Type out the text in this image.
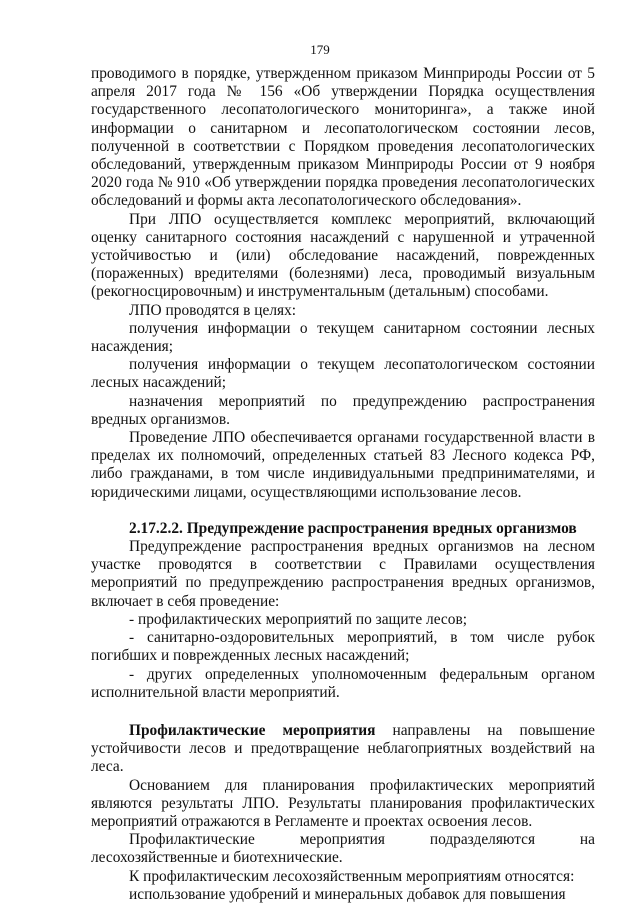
179

проводимого в порядке, утвержденном приказом Минприроды России от 5 апреля 2017 года № 156 «Об утверждении Порядка осуществления государственного лесопатологического мониторинга», а также иной информации о санитарном и лесопатологическом состоянии лесов, полученной в соответствии с Порядком проведения лесопатологических обследований, утвержденным приказом Минприроды России от 9 ноября 2020 года № 910 «Об утверждении порядка проведения лесопатологических обследований и формы акта лесопатологического обследования».

При ЛПО осуществляется комплекс мероприятий, включающий оценку санитарного состояния насаждений с нарушенной и утраченной устойчивостью и (или) обследование насаждений, поврежденных (пораженных) вредителями (болезнями) леса, проводимый визуальным (рекогносцировочным) и инструментальным (детальным) способами.

ЛПО проводятся в целях:

получения информации о текущем санитарном состоянии лесных насаждения;

получения информации о текущем лесопатологическом состоянии лесных насаждений;

назначения мероприятий по предупреждению распространения вредных организмов.

Проведение ЛПО обеспечивается органами государственной власти в пределах их полномочий, определенных статьей 83 Лесного кодекса РФ, либо гражданами, в том числе индивидуальными предпринимателями, и юридическими лицами, осуществляющими использование лесов.

2.17.2.2. Предупреждение распространения вредных организмов

Предупреждение распространения вредных организмов на лесном участке проводятся в соответствии с Правилами осуществления мероприятий по предупреждению распространения вредных организмов, включает в себя проведение:

- профилактических мероприятий по защите лесов;

- санитарно-оздоровительных мероприятий, в том числе рубок погибших и поврежденных лесных насаждений;

- других определенных уполномоченным федеральным органом исполнительной власти мероприятий.

Профилактические мероприятия направлены на повышение устойчивости лесов и предотвращение неблагоприятных воздействий на леса.

Основанием для планирования профилактических мероприятий являются результаты ЛПО. Результаты планирования профилактических мероприятий отражаются в Регламенте и проектах освоения лесов.

Профилактические мероприятия подразделяются на лесохозяйственные и биотехнические.

К профилактическим лесохозяйственным мероприятиям относятся:

использование удобрений и минеральных добавок для повышения
